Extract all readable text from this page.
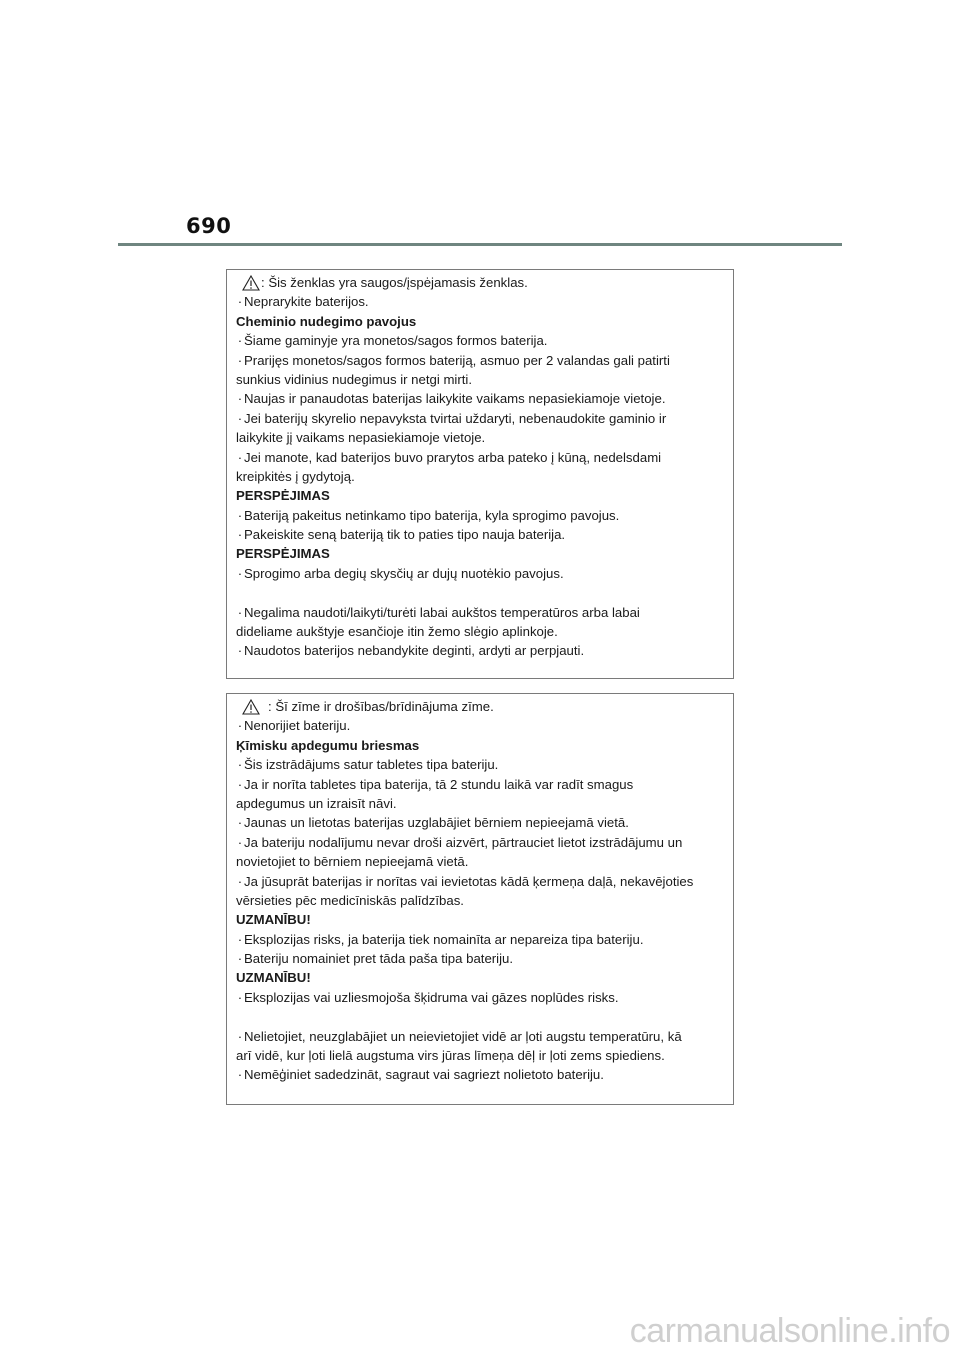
690
: Šis ženklas yra saugos/įspėjamasis ženklas.
· Neprarykite baterijos.
Cheminio nudegimo pavojus
· Šiame gaminyje yra monetos/sagos formos baterija.
· Prarijęs monetos/sagos formos bateriją, asmuo per 2 valandas gali patirti
sunkius vidinius nudegimus ir netgi mirti.
· Naujas ir panaudotas baterijas laikykite vaikams nepasiekiamoje vietoje.
· Jei baterijų skyrelio nepavyksta tvirtai uždaryti, nebenaudokite gaminio ir
laikykite jį vaikams nepasiekiamoje vietoje.
· Jei manote, kad baterijos buvo prarytos arba pateko į kūną, nedelsdami
kreipkitės į gydytoją.
PERSPĖJIMAS
· Bateriją pakeitus netinkamo tipo baterija, kyla sprogimo pavojus.
· Pakeiskite seną bateriją tik to paties tipo nauja baterija.
PERSPĖJIMAS
· Sprogimo arba degių skysčių ar dujų nuotėkio pavojus.
· Negalima naudoti/laikyti/turėti labai aukštos temperatūros arba labai
dideliame aukštyje esančioje itin žemo slėgio aplinkoje.
· Naudotos baterijos nebandykite deginti, ardyti ar perpjauti.
: Šī zīme ir drošības/brīdinājuma zīme.
· Nenorijiet bateriju.
Ķīmisku apdegumu briesmas
· Šis izstrādājums satur tabletes tipa bateriju.
· Ja ir norīta tabletes tipa baterija, tā 2 stundu laikā var radīt smagus
apdegumus un izraisīt nāvi.
· Jaunas un lietotas baterijas uzglabājiet bērniem nepieejamā vietā.
· Ja bateriju nodalījumu nevar droši aizvērt, pārtrauciet lietot izstrādājumu un
novietojiet to bērniem nepieejamā vietā.
· Ja jūsuprāt baterijas ir norītas vai ievietotas kādā ķermeņa daļā, nekavējoties
vērsieties pēc medicīniskās palīdzības.
UZMANĪBU!
· Eksplozijas risks, ja baterija tiek nomainīta ar nepareiza tipa bateriju.
· Bateriju nomainiet pret tāda paša tipa bateriju.
UZMANĪBU!
· Eksplozijas vai uzliesmojoša šķidruma vai gāzes noplūdes risks.
· Nelietojiet, neuzglabājiet un neievietojiet vidē ar ļoti augstu temperatūru, kā
arī vidē, kur ļoti lielā augstuma virs jūras līmeņa dēļ ir ļoti zems spiediens.
· Nemēģiniet sadedzināt, sagraut vai sagriezt nolietoto bateriju.
carmanualsonline.info
